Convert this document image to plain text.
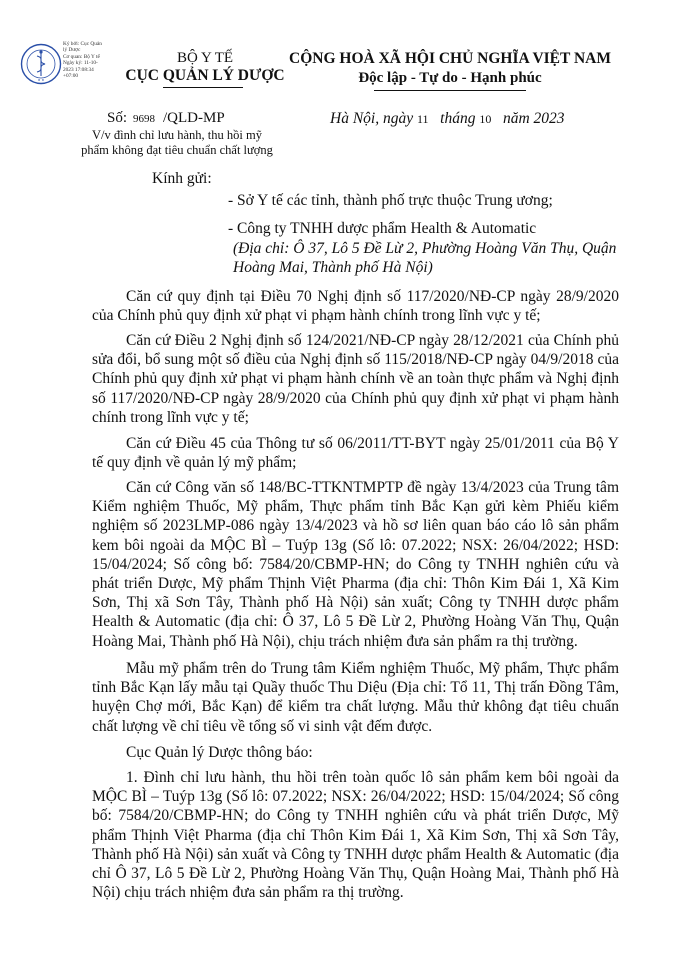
★ ★
Ký bởi: Cục Quản
lý Dược
Cơ quan: Bộ Y tế
Ngày ký: 11-10-
2023 17:08:34
+07:00
BỘ Y TẾ
CỤC QUẢN LÝ DƯỢC
CỘNG HOÀ XÃ HỘI CHỦ NGHĨA VIỆT NAM
Độc lập - Tự do - Hạnh phúc
Số: 9698 /QLD-MP	Hà Nội, ngày 11 tháng 10 năm 2023
V/v đình chỉ lưu hành, thu hồi mỹ
phẩm không đạt tiêu chuẩn chất lượng
Kính gửi:
- Sở Y tế các tỉnh, thành phố trực thuộc Trung ương;
- Công ty TNHH dược phẩm Health & Automatic
(Địa chỉ: Ô 37, Lô 5 Đề Lừ 2, Phường Hoàng Văn Thụ, Quận
Hoàng Mai, Thành phố Hà Nội)
Căn cứ quy định tại Điều 70 Nghị định số 117/2020/NĐ-CP ngày 28/9/2020 của Chính phủ quy định xử phạt vi phạm hành chính trong lĩnh vực y tế;
Căn cứ Điều 2 Nghị định số 124/2021/NĐ-CP ngày 28/12/2021 của Chính phủ sửa đổi, bổ sung một số điều của Nghị định số 115/2018/NĐ-CP ngày 04/9/2018 của Chính phủ quy định xử phạt vi phạm hành chính về an toàn thực phẩm và Nghị định số 117/2020/NĐ-CP ngày 28/9/2020 của Chính phủ quy định xử phạt vi phạm hành chính trong lĩnh vực y tế;
Căn cứ Điều 45 của Thông tư số 06/2011/TT-BYT ngày 25/01/2011 của Bộ Y tế quy định về quản lý mỹ phẩm;
Căn cứ Công văn số 148/BC-TTKNTMPTP đề ngày 13/4/2023 của Trung tâm Kiểm nghiệm Thuốc, Mỹ phẩm, Thực phẩm tỉnh Bắc Kạn gửi kèm Phiếu kiểm nghiệm số 2023LMP-086 ngày 13/4/2023 và hồ sơ liên quan báo cáo lô sản phẩm kem bôi ngoài da MỘC BÌ – Tuýp 13g (Số lô: 07.2022; NSX: 26/04/2022; HSD: 15/04/2024; Số công bố: 7584/20/CBMP-HN; do Công ty TNHH nghiên cứu và phát triển Dược, Mỹ phẩm Thịnh Việt Pharma (địa chỉ: Thôn Kim Đái 1, Xã Kim Sơn, Thị xã Sơn Tây, Thành phố Hà Nội) sản xuất; Công ty TNHH dược phẩm Health & Automatic (địa chỉ: Ô 37, Lô 5 Đề Lừ 2, Phường Hoàng Văn Thụ, Quận Hoàng Mai, Thành phố Hà Nội), chịu trách nhiệm đưa sản phẩm ra thị trường.
Mẫu mỹ phẩm trên do Trung tâm Kiểm nghiệm Thuốc, Mỹ phẩm, Thực phẩm tỉnh Bắc Kạn lấy mẫu tại Quầy thuốc Thu Diệu (Địa chỉ: Tổ 11, Thị trấn Đồng Tâm, huyện Chợ mới, Bắc Kạn) để kiểm tra chất lượng. Mẫu thử không đạt tiêu chuẩn chất lượng về chỉ tiêu về tổng số vi sinh vật đếm được.
Cục Quản lý Dược thông báo:
1. Đình chỉ lưu hành, thu hồi trên toàn quốc lô sản phẩm kem bôi ngoài da MỘC BÌ – Tuýp 13g (Số lô: 07.2022; NSX: 26/04/2022; HSD: 15/04/2024; Số công bố: 7584/20/CBMP-HN; do Công ty TNHH nghiên cứu và phát triển Dược, Mỹ phẩm Thịnh Việt Pharma (địa chỉ Thôn Kim Đái 1, Xã Kim Sơn, Thị xã Sơn Tây, Thành phố Hà Nội) sản xuất và Công ty TNHH dược phẩm Health & Automatic (địa chỉ Ô 37, Lô 5 Đề Lừ 2, Phường Hoàng Văn Thụ, Quận Hoàng Mai, Thành phố Hà Nội) chịu trách nhiệm đưa sản phẩm ra thị trường.
